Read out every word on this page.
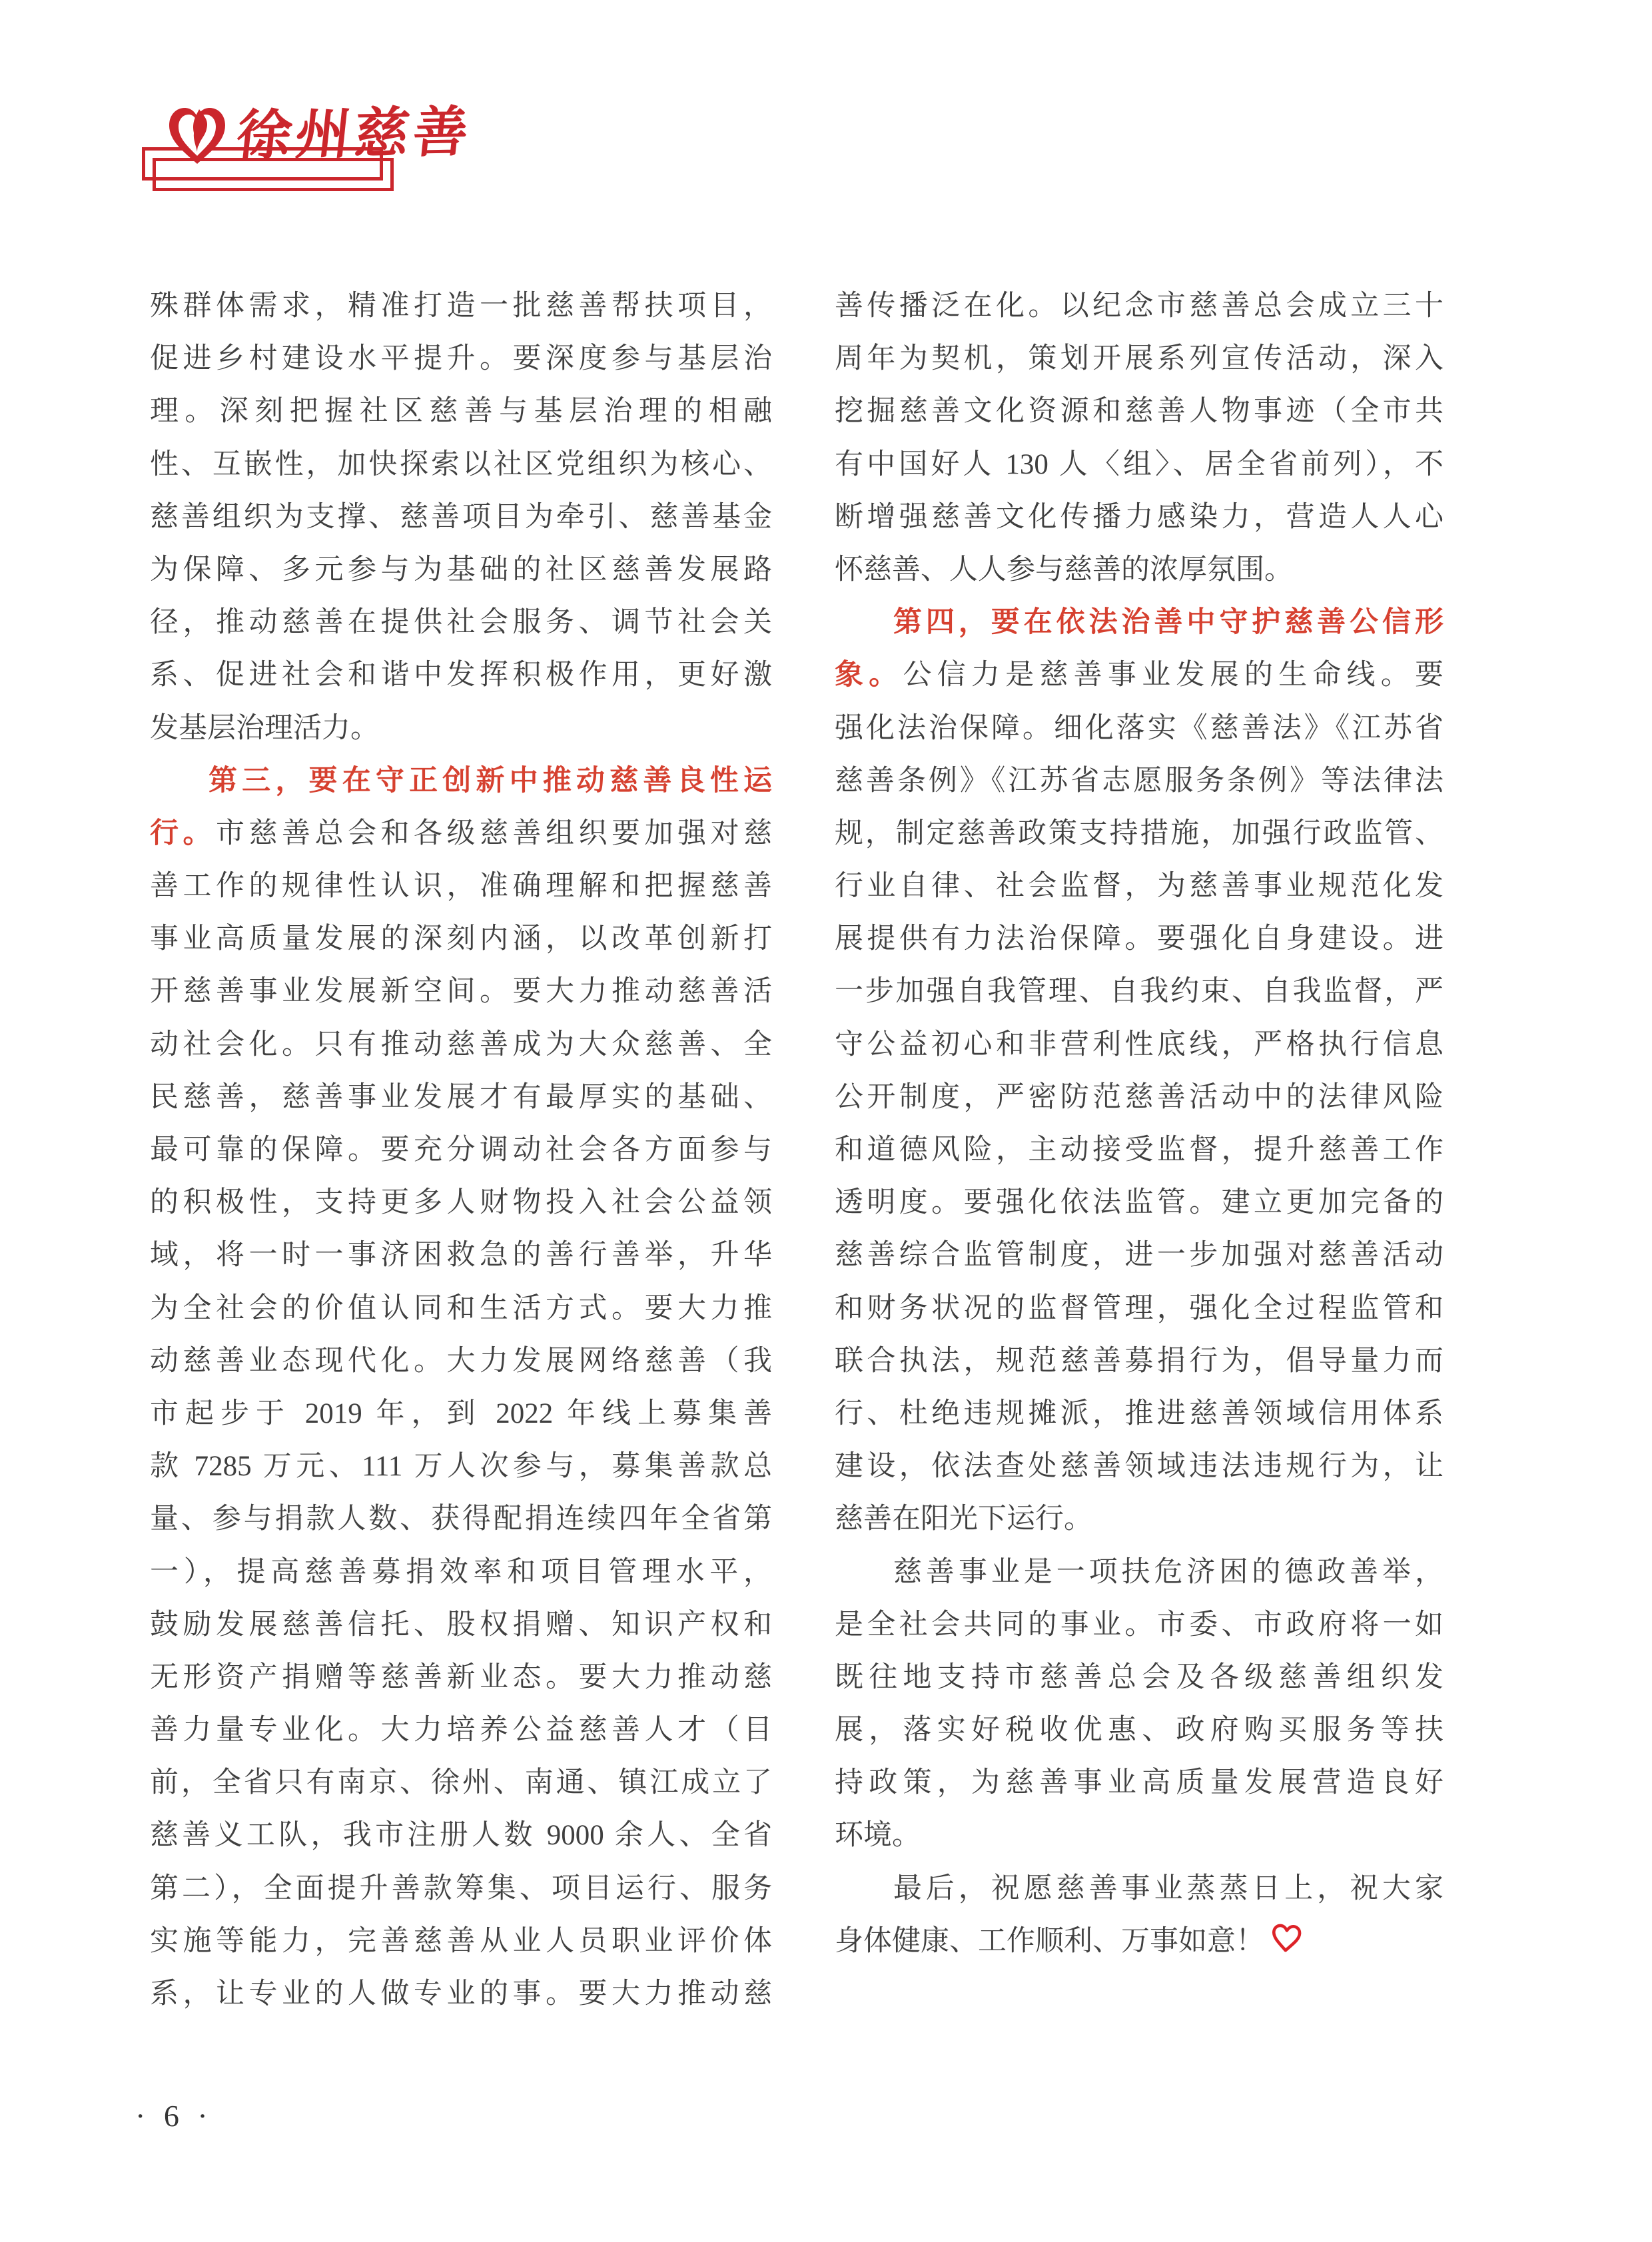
徐州慈善
殊群体需求，精准打造一批慈善帮扶项目，
促进乡村建设水平提升。要深度参与基层治
理。深刻把握社区慈善与基层治理的相融
性、互嵌性，加快探索以社区党组织为核心、
慈善组织为支撑、慈善项目为牵引、慈善基金
为保障、多元参与为基础的社区慈善发展路
径，推动慈善在提供社会服务、调节社会关
系、促进社会和谐中发挥积极作用，更好激
发基层治理活力。
第三，要在守正创新中推动慈善良性运
行。市慈善总会和各级慈善组织要加强对慈
善工作的规律性认识，准确理解和把握慈善
事业高质量发展的深刻内涵，以改革创新打
开慈善事业发展新空间。要大力推动慈善活
动社会化。只有推动慈善成为大众慈善、全
民慈善，慈善事业发展才有最厚实的基础、
最可靠的保障。要充分调动社会各方面参与
的积极性，支持更多人财物投入社会公益领
域，将一时一事济困救急的善行善举，升华
为全社会的价值认同和生活方式。要大力推
动慈善业态现代化。大力发展网络慈善（我
市起步于 2019 年，到 2022 年线上募集善
款 7285 万元、111 万人次参与，募集善款总
量、参与捐款人数、获得配捐连续四年全省第
一），提高慈善募捐效率和项目管理水平，
鼓励发展慈善信托、股权捐赠、知识产权和
无形资产捐赠等慈善新业态。要大力推动慈
善力量专业化。大力培养公益慈善人才（目
前，全省只有南京、徐州、南通、镇江成立了
慈善义工队，我市注册人数 9000 余人、全省
第二），全面提升善款筹集、项目运行、服务
实施等能力，完善慈善从业人员职业评价体
系，让专业的人做专业的事。要大力推动慈
善传播泛在化。以纪念市慈善总会成立三十
周年为契机，策划开展系列宣传活动，深入
挖掘慈善文化资源和慈善人物事迹（全市共
有中国好人 130 人〈组〉、居全省前列），不
断增强慈善文化传播力感染力，营造人人心
怀慈善、人人参与慈善的浓厚氛围。
第四，要在依法治善中守护慈善公信形
象。公信力是慈善事业发展的生命线。要
强化法治保障。细化落实《慈善法》《江苏省
慈善条例》《江苏省志愿服务条例》等法律法
规，制定慈善政策支持措施，加强行政监管、
行业自律、社会监督，为慈善事业规范化发
展提供有力法治保障。要强化自身建设。进
一步加强自我管理、自我约束、自我监督，严
守公益初心和非营利性底线，严格执行信息
公开制度，严密防范慈善活动中的法律风险
和道德风险，主动接受监督，提升慈善工作
透明度。要强化依法监管。建立更加完备的
慈善综合监管制度，进一步加强对慈善活动
和财务状况的监督管理，强化全过程监管和
联合执法，规范慈善募捐行为，倡导量力而
行、杜绝违规摊派，推进慈善领域信用体系
建设，依法查处慈善领域违法违规行为，让
慈善在阳光下运行。
慈善事业是一项扶危济困的德政善举，
是全社会共同的事业。市委、市政府将一如
既往地支持市慈善总会及各级慈善组织发
展，落实好税收优惠、政府购买服务等扶
持政策，为慈善事业高质量发展营造良好
环境。
最后，祝愿慈善事业蒸蒸日上，祝大家
身体健康、工作顺利、万事如意！
· 6 ·
